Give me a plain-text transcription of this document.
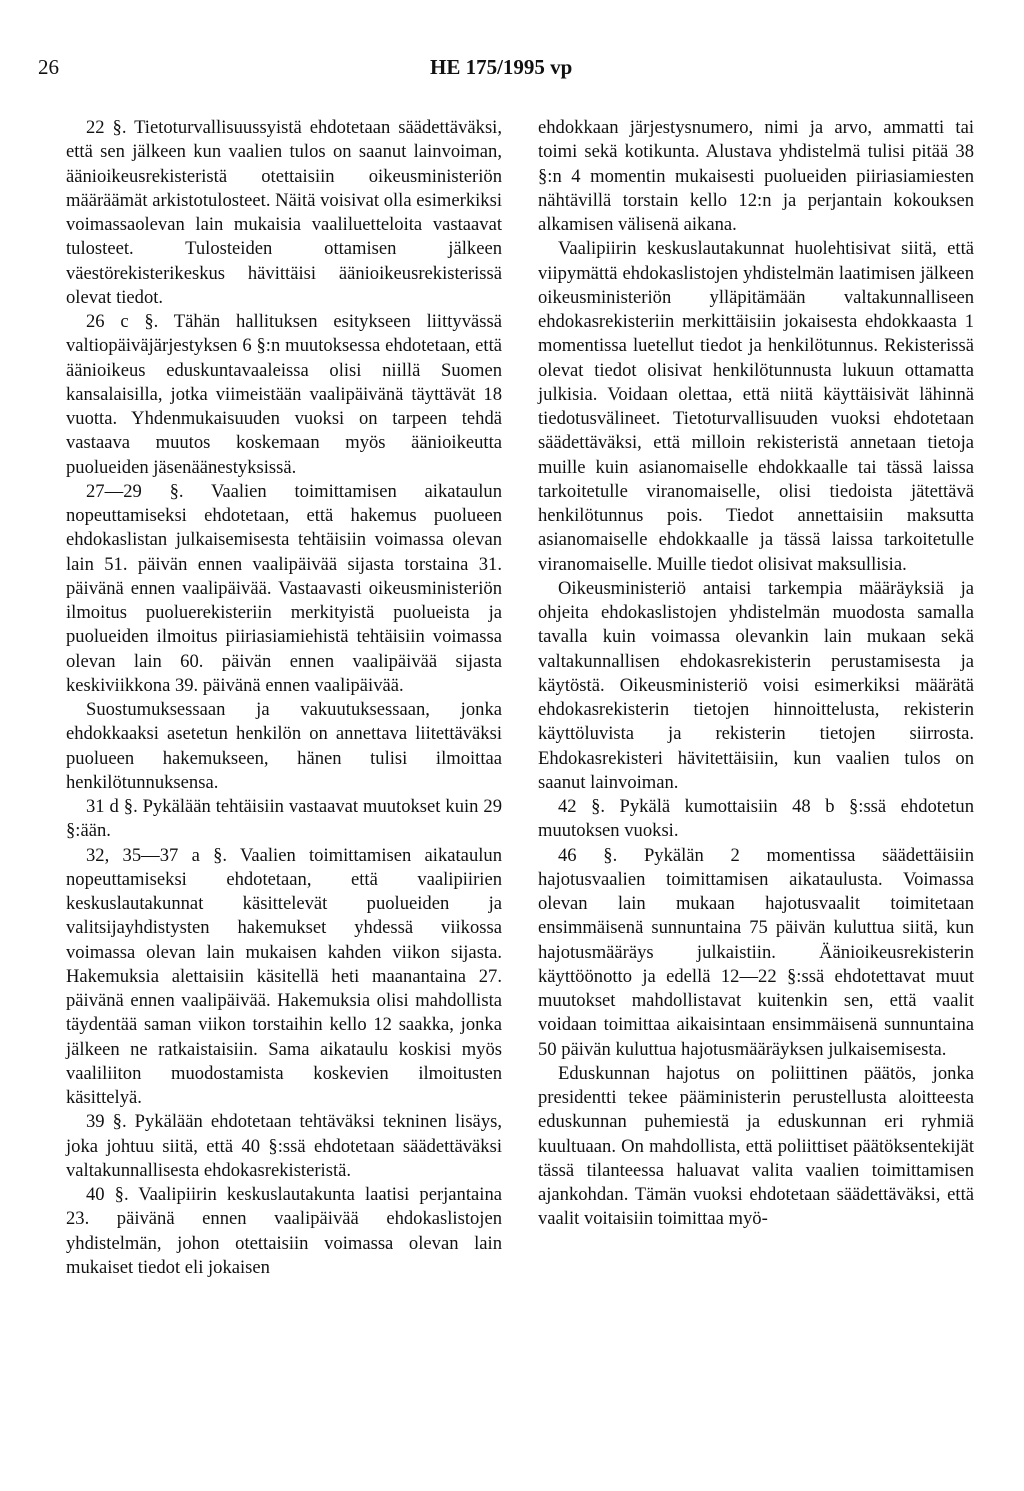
26	HE 175/1995 vp

22 §. Tietoturvallisuussyistä ehdotetaan säädettäväksi, että sen jälkeen kun vaalien tulos on saanut lainvoiman, äänioikeusrekisteristä otettaisiin oikeusministeriön määräämät arkistotulosteet. Näitä voisivat olla esimerkiksi voimassaolevan lain mukaisia vaaliluetteloita vastaavat tulosteet. Tulosteiden ottamisen jälkeen väestörekisterikeskus hävittäisi äänioikeusrekisterissä olevat tiedot.

26 c §. Tähän hallituksen esitykseen liittyvässä valtiopäiväjärjestyksen 6 §:n muutoksessa ehdotetaan, että äänioikeus eduskuntavaaleissa olisi niillä Suomen kansalaisilla, jotka viimeistään vaalipäivänä täyttävät 18 vuotta. Yhdenmukaisuuden vuoksi on tarpeen tehdä vastaava muutos koskemaan myös äänioikeutta puolueiden jäsenäänestyksissä.

27—29 §. Vaalien toimittamisen aikataulun nopeuttamiseksi ehdotetaan, että hakemus puolueen ehdokaslistan julkaisemisesta tehtäisiin voimassa olevan lain 51. päivän ennen vaalipäivää sijasta torstaina 31. päivänä ennen vaalipäivää. Vastaavasti oikeusministeriön ilmoitus puoluerekisteriin merkityistä puolueista ja puolueiden ilmoitus piiriasiamiehistä tehtäisiin voimassa olevan lain 60. päivän ennen vaalipäivää sijasta keskiviikkona 39. päivänä ennen vaalipäivää.

Suostumuksessaan ja vakuutuksessaan, jonka ehdokkaaksi asetetun henkilön on annettava liitettäväksi puolueen hakemukseen, hänen tulisi ilmoittaa henkilötunnuksensa.

31 d §. Pykälään tehtäisiin vastaavat muutokset kuin 29 §:ään.

32, 35—37 a §. Vaalien toimittamisen aikataulun nopeuttamiseksi ehdotetaan, että vaalipiirien keskuslautakunnat käsittelevät puolueiden ja valitsijayhdistysten hakemukset yhdessä viikossa voimassa olevan lain mukaisen kahden viikon sijasta. Hakemuksia alettaisiin käsitellä heti maanantaina 27. päivänä ennen vaalipäivää. Hakemuksia olisi mahdollista täydentää saman viikon torstaihin kello 12 saakka, jonka jälkeen ne ratkaistaisiin. Sama aikataulu koskisi myös vaaliliiton muodostamista koskevien ilmoitusten käsittelyä.

39 §. Pykälään ehdotetaan tehtäväksi tekninen lisäys, joka johtuu siitä, että 40 §:ssä ehdotetaan säädettäväksi valtakunnallisesta ehdokasrekisteristä.

40 §. Vaalipiirin keskuslautakunta laatisi perjantaina 23. päivänä ennen vaalipäivää ehdokaslistojen yhdistelmän, johon otettaisiin voimassa olevan lain mukaiset tiedot eli jokaisen

ehdokkaan järjestysnumero, nimi ja arvo, ammatti tai toimi sekä kotikunta. Alustava yhdistelmä tulisi pitää 38 §:n 4 momentin mukaisesti puolueiden piiriasiamiesten nähtävillä torstain kello 12:n ja perjantain kokouksen alkamisen välisenä aikana.

Vaalipiirin keskuslautakunnat huolehtisivat siitä, että viipymättä ehdokaslistojen yhdistelmän laatimisen jälkeen oikeusministeriön ylläpitämään valtakunnalliseen ehdokasrekisteriin merkittäisiin jokaisesta ehdokkaasta 1 momentissa luetellut tiedot ja henkilötunnus. Rekisterissä olevat tiedot olisivat henkilötunnusta lukuun ottamatta julkisia. Voidaan olettaa, että niitä käyttäisivät lähinnä tiedotusvälineet. Tietoturvallisuuden vuoksi ehdotetaan säädettäväksi, että milloin rekisteristä annetaan tietoja muille kuin asianomaiselle ehdokkaalle tai tässä laissa tarkoitetulle viranomaiselle, olisi tiedoista jätettävä henkilötunnus pois. Tiedot annettaisiin maksutta asianomaiselle ehdokkaalle ja tässä laissa tarkoitetulle viranomaiselle. Muille tiedot olisivat maksullisia.

Oikeusministeriö antaisi tarkempia määräyksiä ja ohjeita ehdokaslistojen yhdistelmän muodosta samalla tavalla kuin voimassa olevankin lain mukaan sekä valtakunnallisen ehdokasrekisterin perustamisesta ja käytöstä. Oikeusministeriö voisi esimerkiksi määrätä ehdokasrekisterin tietojen hinnoittelusta, rekisterin käyttöluvista ja rekisterin tietojen siirrosta. Ehdokasrekisteri hävitettäisiin, kun vaalien tulos on saanut lainvoiman.

42 §. Pykälä kumottaisiin 48 b §:ssä ehdotetun muutoksen vuoksi.

46 §. Pykälän 2 momentissa säädettäisiin hajotusvaalien toimittamisen aikataulusta. Voimassa olevan lain mukaan hajotusvaalit toimitetaan ensimmäisenä sunnuntaina 75 päivän kuluttua siitä, kun hajotusmääräys julkaistiin. Äänioikeusrekisterin käyttöönotto ja edellä 12—22 §:ssä ehdotettavat muut muutokset mahdollistavat kuitenkin sen, että vaalit voidaan toimittaa aikaisintaan ensimmäisenä sunnuntaina 50 päivän kuluttua hajotusmääräyksen julkaisemisesta.

Eduskunnan hajotus on poliittinen päätös, jonka presidentti tekee pääministerin perustellusta aloitteesta eduskunnan puhemiestä ja eduskunnan eri ryhmiä kuultuaan. On mahdollista, että poliittiset päätöksentekijät tässä tilanteessa haluavat valita vaalien toimittamisen ajankohdan. Tämän vuoksi ehdotetaan säädettäväksi, että vaalit voitaisiin toimittaa myö-
